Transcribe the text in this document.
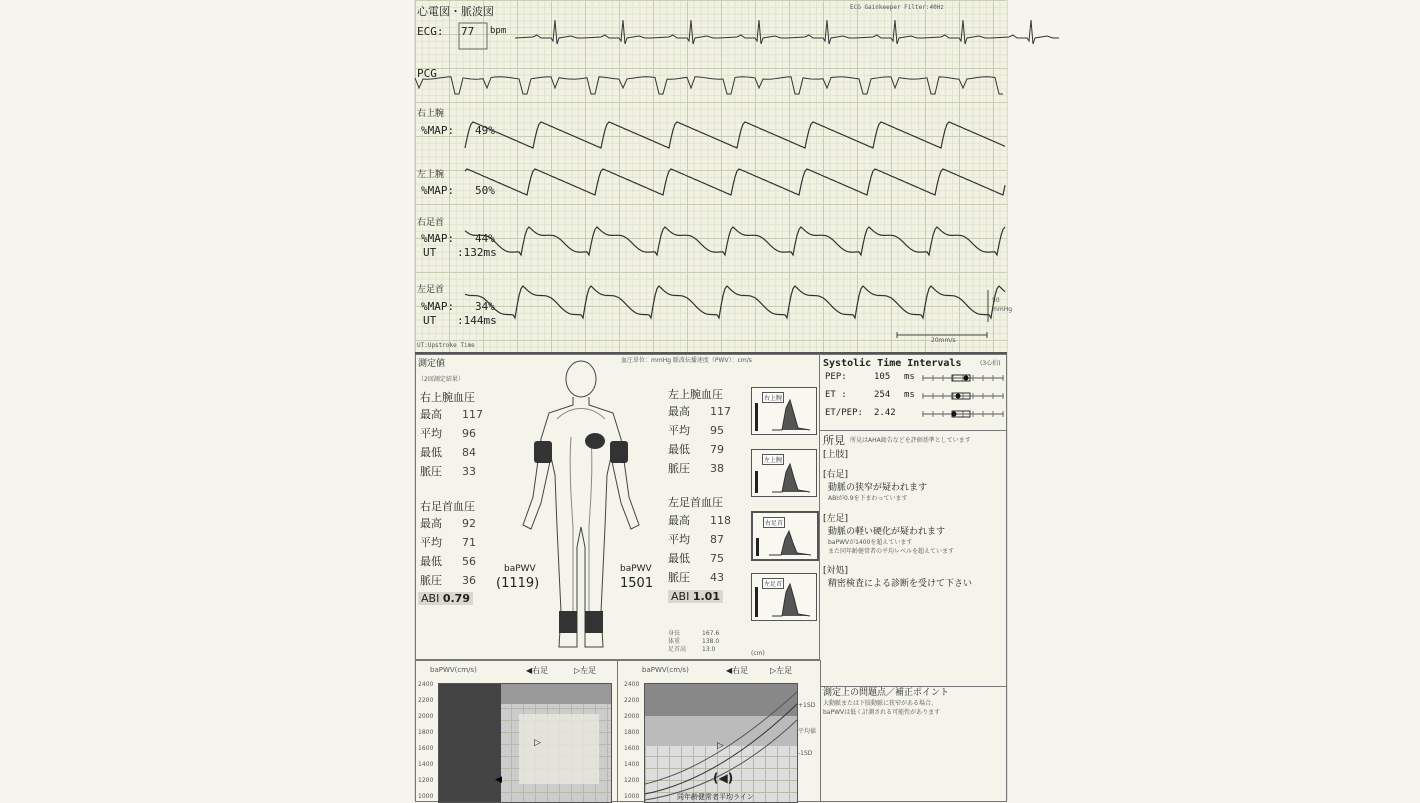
心電図・脈波図	ECG Gainkeeper Filter:40Hz
ECG: 77 bpm
PCG
右上腕
%MAP: 49%
左上腕
%MAP: 50%
右足首
%MAP: 44%
UT :132ms
左足首
%MAP: 34%
UT :144ms
50
mmHg
20mm/s
UT:Upstroke Time
測定値
（2回測定結果）
血圧単位：mmHg 脈波伝播速度（PWV）：cm/s
右上腕血圧
右足首血圧
ABI 0.79
左上腕血圧
左足首血圧
ABI 1.01
baPWV
(1119)
baPWV
1501
右上腕
左上腕
右足首
左足首
身長	167.6
体重	138.0
足首高	13.0
(cm)
最高 117
平均 96
最低 84
脈圧 33
最高 92
平均 71
最低 56
脈圧 36
最高 117
平均 95
最低 79
脈圧 38
最高 118
平均 87
最低 75
脈圧 43
Systolic Time Intervals	(3心拍)
PEP:	105 ms
ET :	254 ms
ET/PEP: 2.42
所見 所見はAHA勧告などを評価基準としています
[上肢]
[右足]
動脈の狭窄が疑われます
ABIが0.9を下まわっています
[左足]
動脈の軽い硬化が疑われます
baPWVが1400を超えています
また同年齢健常者の平均レベルを超えています
[対処]
精密検査による診断を受けて下さい
測定上の問題点／補正ポイント
大動脈または下肢動脈に狭窄がある場合、
baPWVは低く計測される可能性があります
baPWV(cm/s)	◀右足	▷左足
▷
◀
2400
2200
2000
1800
1600
1400
1200
1000
baPWV(cm/s)	◀右足	▷左足
▷
(◀)
同年齢健常者平均ライン
+1SD
平均値
-1SD
2400
2200
2000
1800
1600
1400
1200
1000
